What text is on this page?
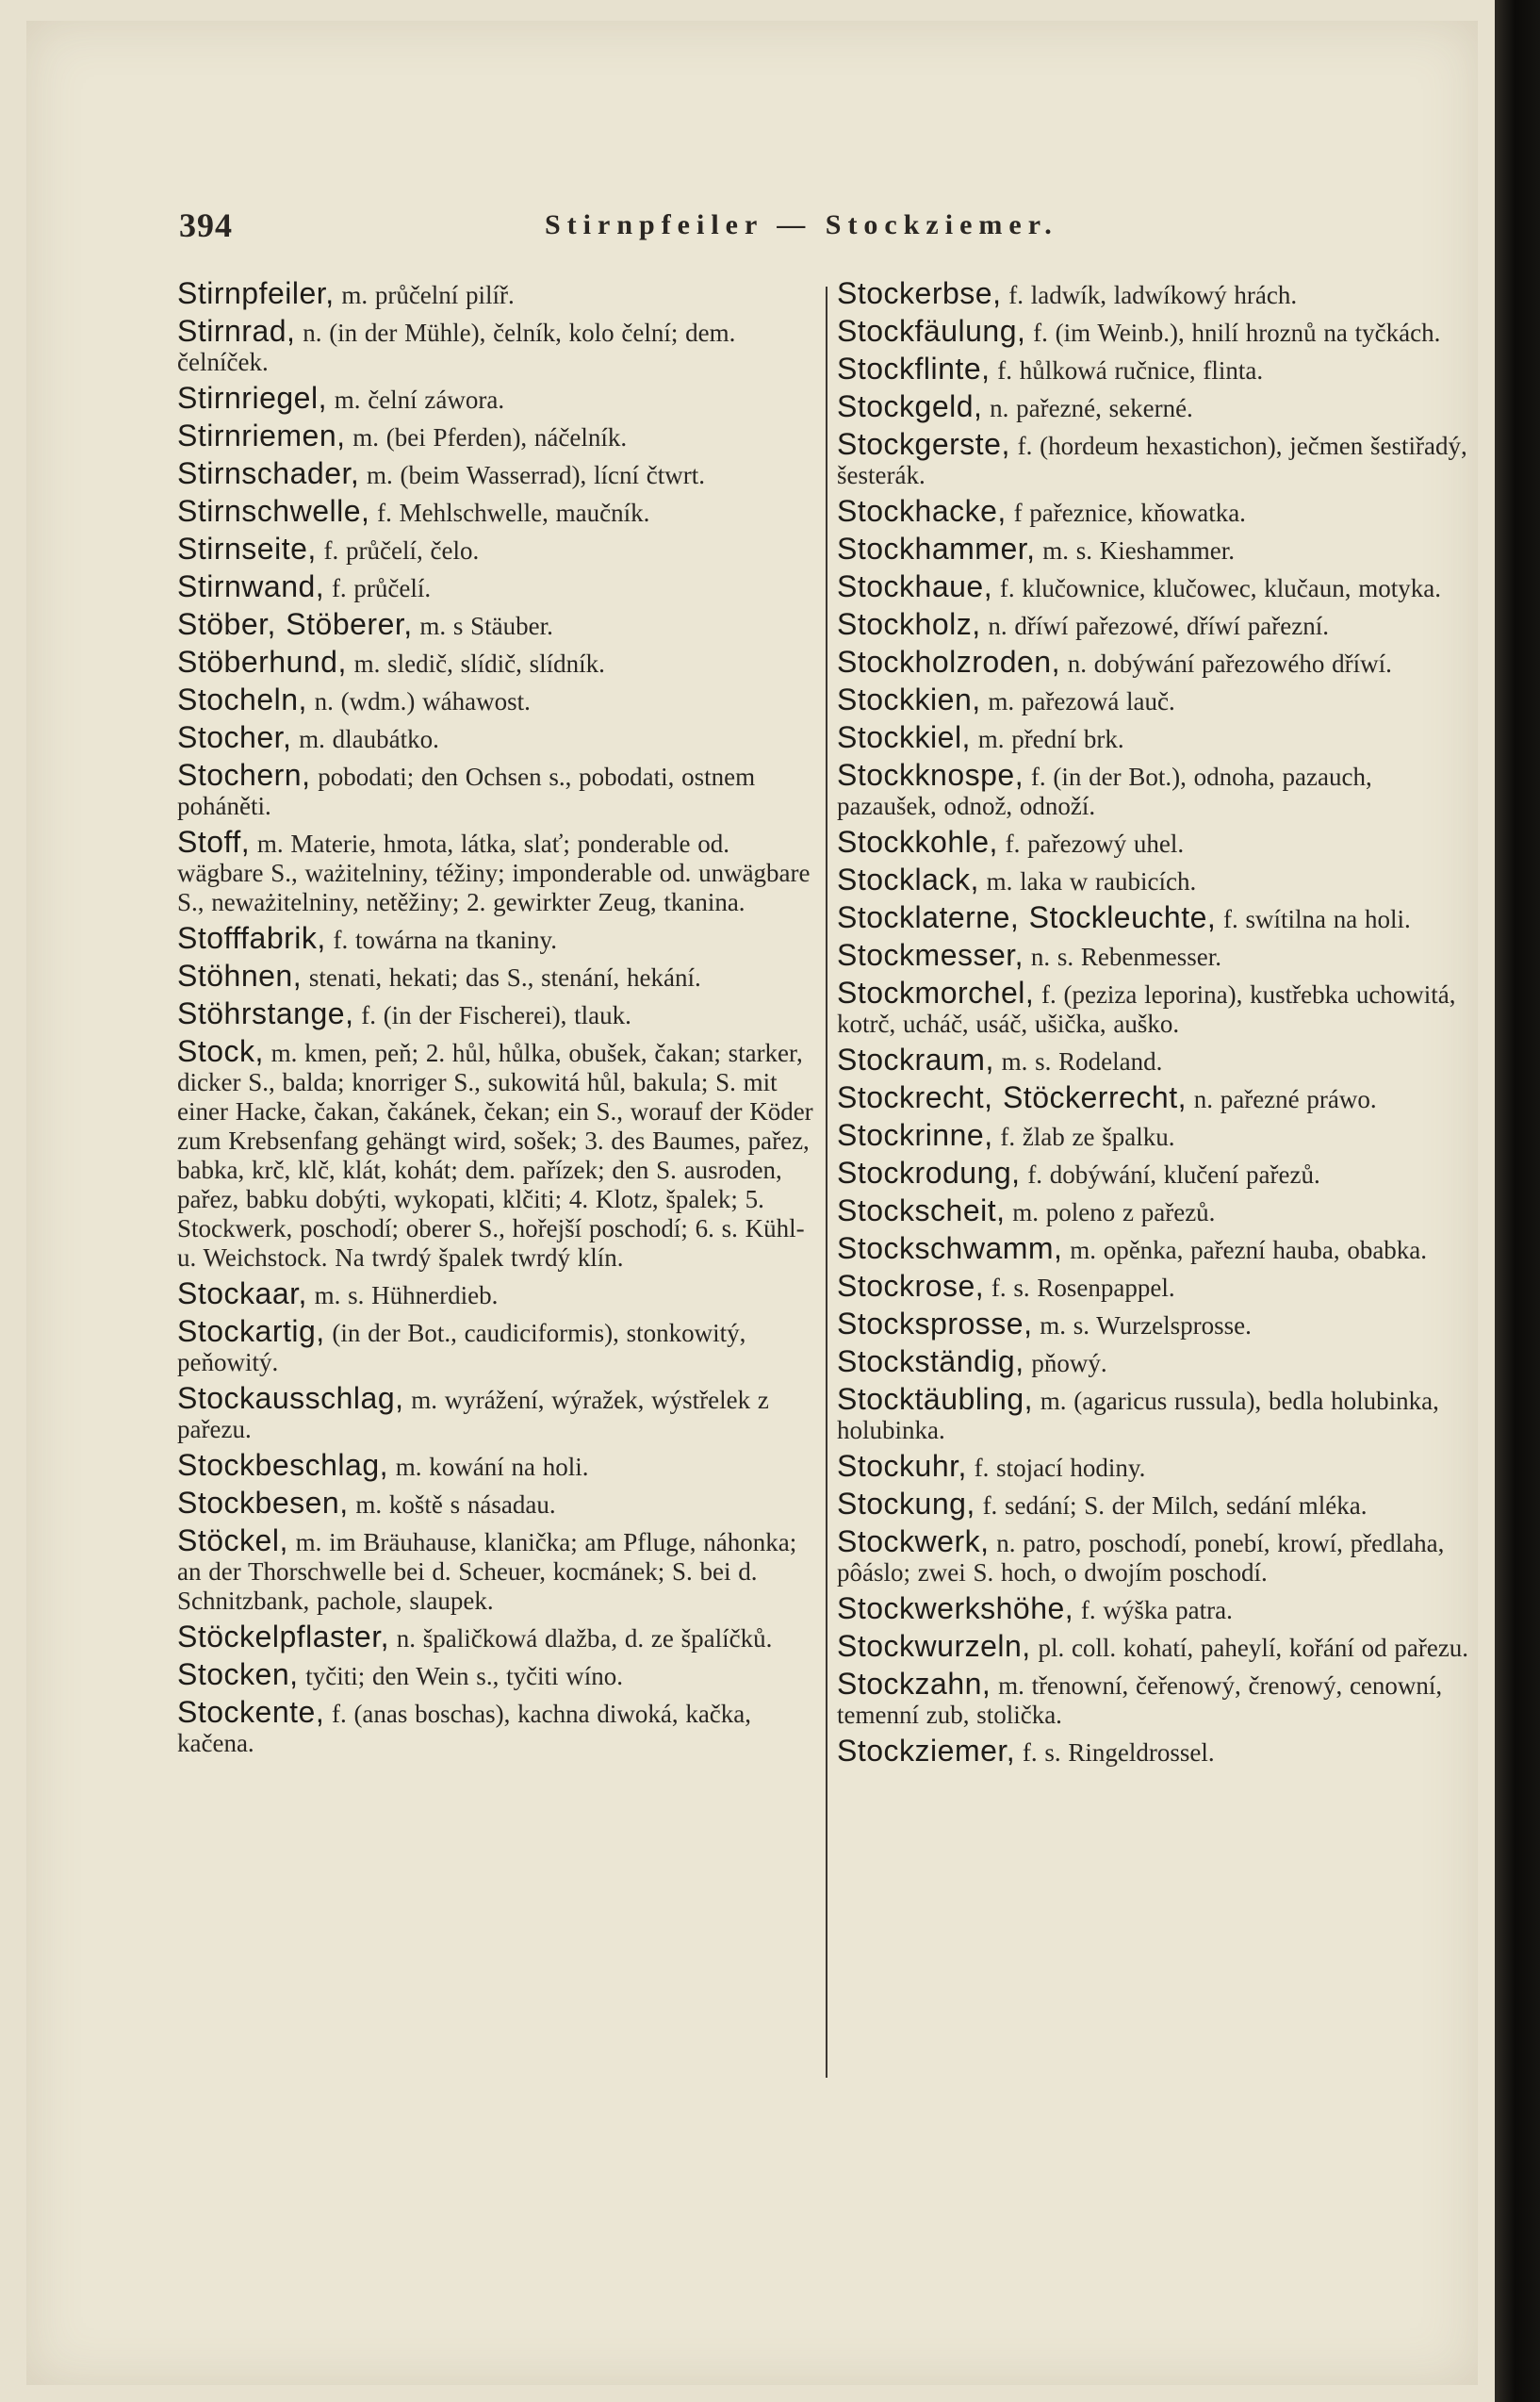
394	Stirnpfeiler — Stockziemer.

Stirnpfeiler, m. průčelní pilíř.

Stirnrad, n. (in der Mühle), čelník, kolo čelní; dem. čelníček.

Stirnriegel, m. čelní záwora.

Stirnriemen, m. (bei Pferden), náčelník.

Stirnschader, m. (beim Wasserrad), lícní čtwrt.

Stirnschwelle, f. Mehlschwelle, maučník.

Stirnseite, f. průčelí, čelo.

Stirnwand, f. průčelí.

Stöber, Stöberer, m. s Stäuber.

Stöberhund, m. sledič, slídič, slídník.

Stocheln, n. (wdm.) wáhawost.

Stocher, m. dlaubátko.

Stochern, pobodati; den Ochsen s., pobodati, ostnem poháněti.

Stoff, m. Materie, hmota, látka, slať; ponderable od. wägbare S., ważitelniny, téžiny; imponderable od. unwägbare S., neważitelniny, netěžiny; 2. gewirkter Zeug, tkanina.

Stofffabrik, f. towárna na tkaniny.

Stöhnen, stenati, hekati; das S., stenání, hekání.

Stöhrstange, f. (in der Fischerei), tlauk.

Stock, m. kmen, peň; 2. hůl, hůlka, obušek, čakan; starker, dicker S., balda; knorriger S., sukowitá hůl, bakula; S. mit einer Hacke, čakan, čakánek, čekan; ein S., worauf der Köder zum Krebsenfang gehängt wird, sošek; 3. des Baumes, pařez, babka, krč, klč, klát, kohát; dem. pařízek; den S. ausroden, pařez, babku dobýti, wykopati, klčiti; 4. Klotz, špalek; 5. Stockwerk, poschodí; oberer S., hořejší poschodí; 6. s. Kühl- u. Weichstock. Na twrdý špalek twrdý klín.

Stockaar, m. s. Hühnerdieb.

Stockartig, (in der Bot., caudiciformis), stonkowitý, peňowitý.

Stockausschlag, m. wyrážení, wýražek, wýstřelek z pařezu.

Stockbeschlag, m. kowání na holi.

Stockbesen, m. koště s násadau.

Stöckel, m. im Bräuhause, klanička; am Pfluge, náhonka; an der Thorschwelle bei d. Scheuer, kocmánek; S. bei d. Schnitzbank, pachole, slaupek.

Stöckelpflaster, n. špaličkowá dlažba, d. ze špalíčků.

Stocken, tyčiti; den Wein s., tyčiti wíno.

Stockente, f. (anas boschas), kachna diwoká, kačka, kačena.

Stockerbse, f. ladwík, ladwíkowý hrách.

Stockfäulung, f. (im Weinb.), hnilí hroznů na tyčkách.

Stockflinte, f. hůlkowá ručnice, flinta.

Stockgeld, n. pařezné, sekerné.

Stockgerste, f. (hordeum hexastichon), ječmen šestiřadý, šesterák.

Stockhacke, f pařeznice, kňowatka.

Stockhammer, m. s. Kieshammer.

Stockhaue, f. klučownice, klučowec, klučaun, motyka.

Stockholz, n. dříwí pařezowé, dříwí pařezní.

Stockholzroden, n. dobýwání pařezowého dříwí.

Stockkien, m. pařezowá lauč.

Stockkiel, m. přední brk.

Stockknospe, f. (in der Bot.), odnoha, pazauch, pazaušek, odnož, odnoží.

Stockkohle, f. pařezowý uhel.

Stocklack, m. laka w raubicích.

Stocklaterne, Stockleuchte, f. swítilna na holi.

Stockmesser, n. s. Rebenmesser.

Stockmorchel, f. (peziza leporina), kustřebka uchowitá, kotrč, ucháč, usáč, ušička, auško.

Stockraum, m. s. Rodeland.

Stockrecht, Stöckerrecht, n. pařezné práwo.

Stockrinne, f. žlab ze špalku.

Stockrodung, f. dobýwání, klučení pařezů.

Stockscheit, m. poleno z pařezů.

Stockschwamm, m. opěnka, pařezní hauba, obabka.

Stockrose, f. s. Rosenpappel.

Stocksprosse, m. s. Wurzelsprosse.

Stockständig, pňowý.

Stocktäubling, m. (agaricus russula), bedla holubinka, holubinka.

Stockuhr, f. stojací hodiny.

Stockung, f. sedání; S. der Milch, sedání mléka.

Stockwerk, n. patro, poschodí, ponebí, krowí, předlaha, pôáslo; zwei S. hoch, o dwojím poschodí.

Stockwerkshöhe, f. wýška patra.

Stockwurzeln, pl. coll. kohatí, paheylí, kořání od pařezu.

Stockzahn, m. třenowní, čeřenowý, črenowý, cenowní, temenní zub, stolička.

Stockziemer, f. s. Ringeldrossel.
